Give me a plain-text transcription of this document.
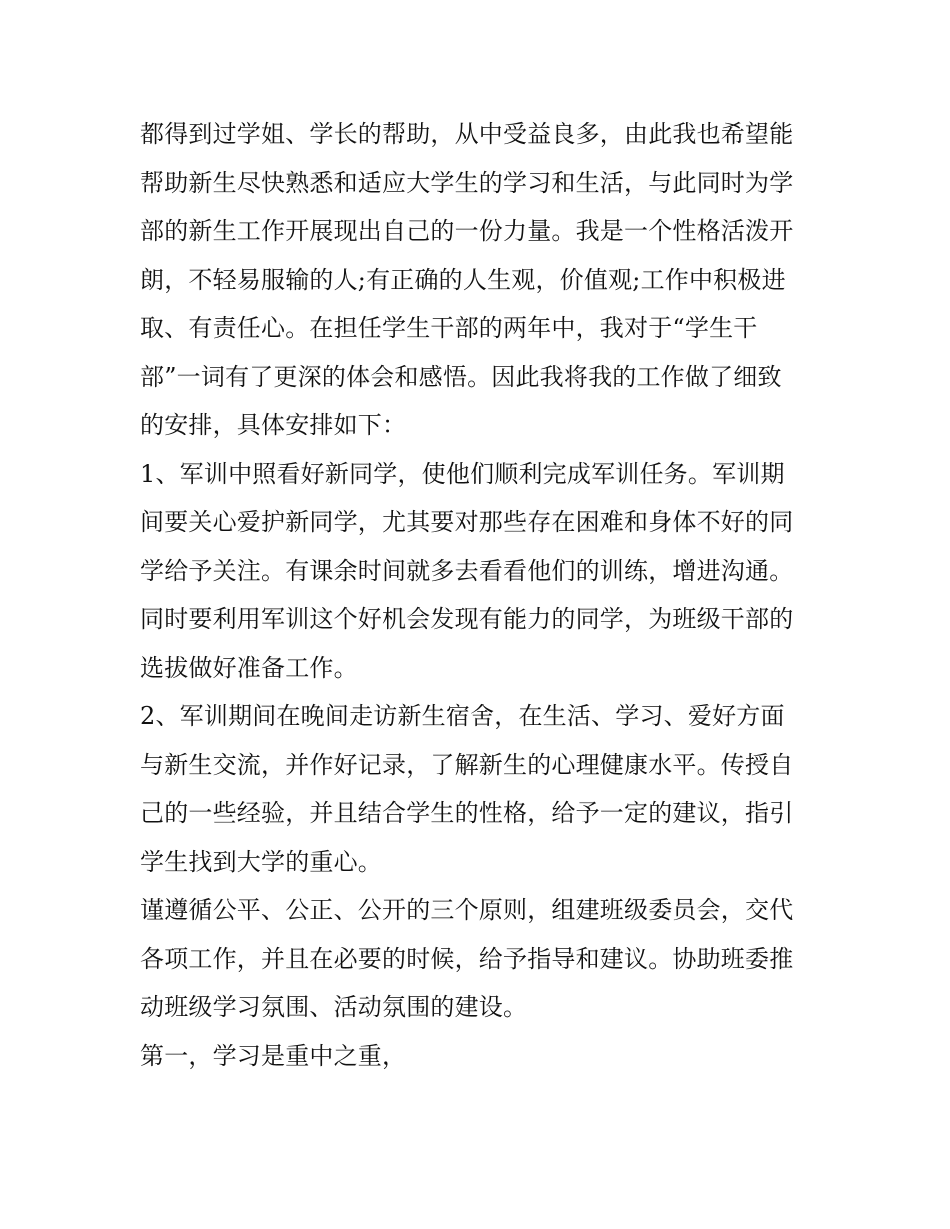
都得到过学姐、学长的帮助，从中受益良多，由此我也希望能
帮助新生尽快熟悉和适应大学生的学习和生活，与此同时为学
部的新生工作开展现出自己的一份力量。我是一个性格活泼开
朗，不轻易服输的人;有正确的人生观，价值观;工作中积极进
取、有责任心。在担任学生干部的两年中，我对于“学生干
部”一词有了更深的体会和感悟。因此我将我的工作做了细致
的安排，具体安排如下：
1、军训中照看好新同学，使他们顺利完成军训任务。军训期
间要关心爱护新同学，尤其要对那些存在困难和身体不好的同
学给予关注。有课余时间就多去看看他们的训练，增进沟通。
同时要利用军训这个好机会发现有能力的同学，为班级干部的
选拔做好准备工作。
2、军训期间在晚间走访新生宿舍，在生活、学习、爱好方面
与新生交流，并作好记录，了解新生的心理健康水平。传授自
己的一些经验，并且结合学生的性格，给予一定的建议，指引
学生找到大学的重心。
谨遵循公平、公正、公开的三个原则，组建班级委员会，交代
各项工作，并且在必要的时候，给予指导和建议。协助班委推
动班级学习氛围、活动氛围的建设。
第一，学习是重中之重，
